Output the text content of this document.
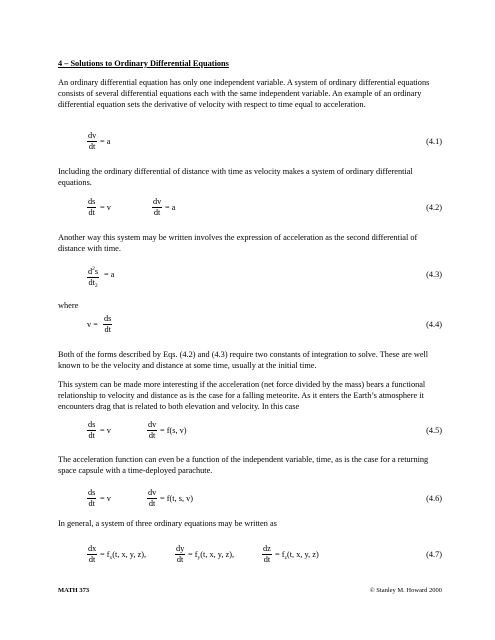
4 – Solutions to Ordinary Differential Equations
An ordinary differential equation has only one independent variable. A system of ordinary differential equations consists of several differential equations each with the same independent variable. An example of an ordinary differential equation sets the derivative of velocity with respect to time equal to acceleration.
dv
dt
= a	(4.1)
Including the ordinary differential of distance with time as velocity makes a system of ordinary differential equations.
ds
dt
= v
dv
dt
= a	(4.2)
Another way this system may be written involves the expression of acceleration as the second differential of distance with time.
$d^2s$
$dt_2$
= a	(4.3)
where
v =
ds
dt
(4.4)
Both of the forms described by Eqs. (4.2) and (4.3) require two constants of integration to solve. These are well known to be the velocity and distance at some time, usually at the initial time.
This system can be made more interesting if the acceleration (net force divided by the mass) bears a functional relationship to velocity and distance as is the case for a falling meteorite. As it enters the Earth’s atmosphere it encounters drag that is related to both elevation and velocity. In this case
ds
dt
= v
dv
dt
= f(s, v)	(4.5)
The acceleration function can even be a function of the independent variable, time, as is the case for a returning space capsule with a time-deployed parachute.
ds
dt
= v
dv
dt
= f(t, s, v)	(4.6)
In general, a system of three ordinary equations may be written as
dx
dt
= $f_x(t$, x, y, z),
dy
dt
= $f_y(t$, x, y, z),
dz
dt
= $f_z(t$, x, y, z)	(4.7)
MATH 373	© Stanley M. Howard 2000
